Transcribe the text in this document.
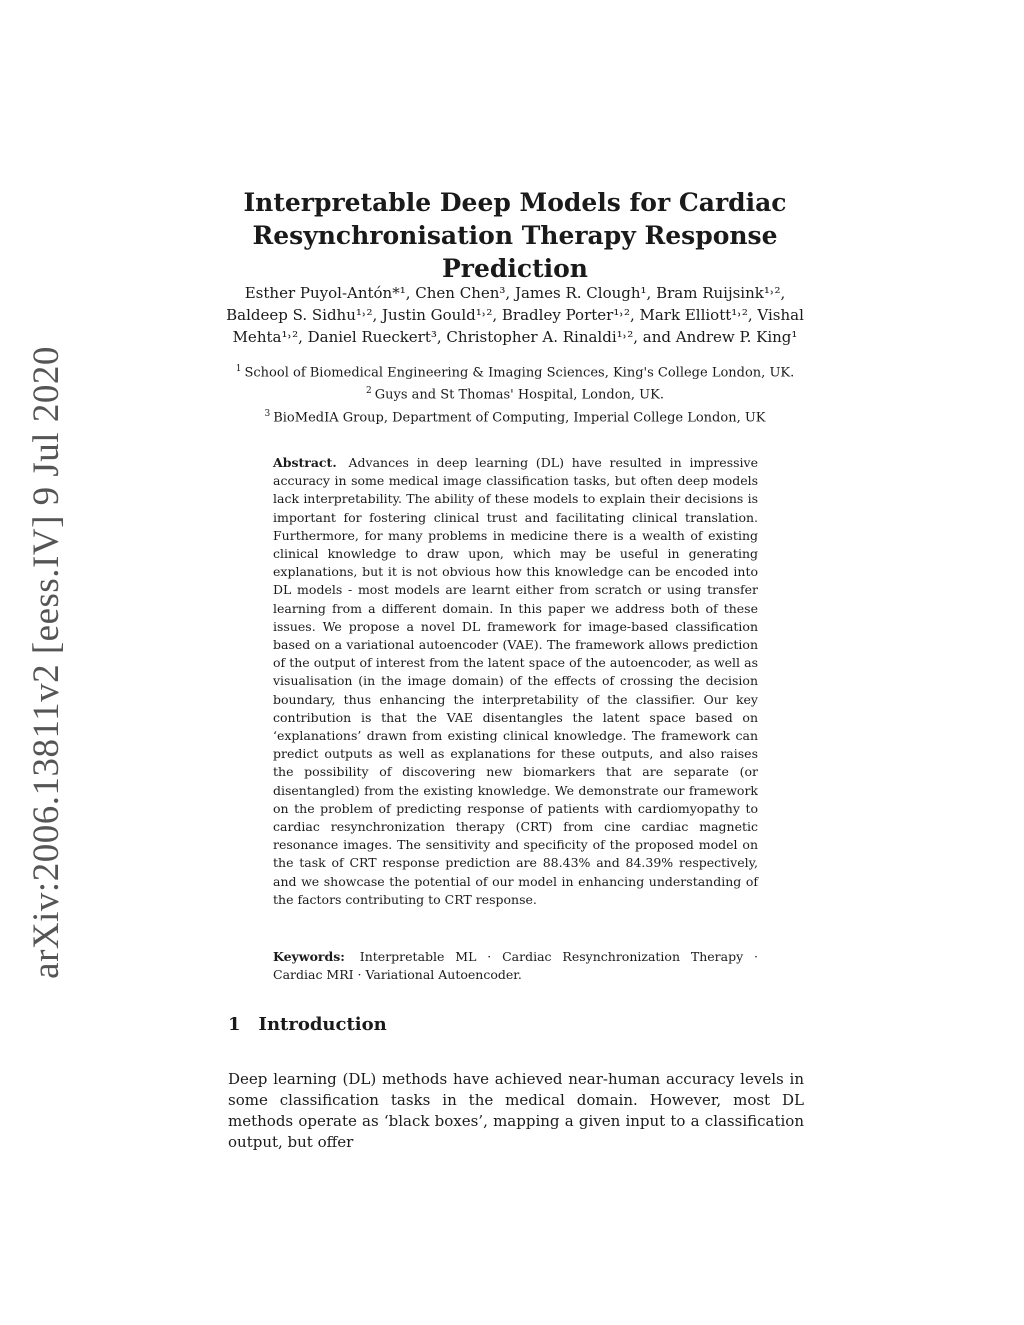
arXiv:2006.13811v2 [eess.IV] 9 Jul 2020
Interpretable Deep Models for Cardiac
Resynchronisation Therapy Response Prediction
Esther Puyol-Antón*¹, Chen Chen³, James R. Clough¹, Bram Ruijsink¹˒²,
Baldeep S. Sidhu¹˒², Justin Gould¹˒², Bradley Porter¹˒², Mark Elliott¹˒², Vishal
Mehta¹˒², Daniel Rueckert³, Christopher A. Rinaldi¹˒², and Andrew P. King¹
$^1$ School of Biomedical Engineering & Imaging Sciences, King's College London, UK.
$^2$ Guys and St Thomas' Hospital, London, UK.
$^3$ BioMedIA Group, Department of Computing, Imperial College London, UK
Abstract. Advances in deep learning (DL) have resulted in impressive accuracy in some medical image classification tasks, but often deep models lack interpretability. The ability of these models to explain their decisions is important for fostering clinical trust and facilitating clinical translation. Furthermore, for many problems in medicine there is a wealth of existing clinical knowledge to draw upon, which may be useful in generating explanations, but it is not obvious how this knowledge can be encoded into DL models - most models are learnt either from scratch or using transfer learning from a different domain. In this paper we address both of these issues. We propose a novel DL framework for image-based classification based on a variational autoencoder (VAE). The framework allows prediction of the output of interest from the latent space of the autoencoder, as well as visualisation (in the image domain) of the effects of crossing the decision boundary, thus enhancing the interpretability of the classifier. Our key contribution is that the VAE disentangles the latent space based on ‘explanations’ drawn from existing clinical knowledge. The framework can predict outputs as well as explanations for these outputs, and also raises the possibility of discovering new biomarkers that are separate (or disentangled) from the existing knowledge. We demonstrate our framework on the problem of predicting response of patients with cardiomyopathy to cardiac resynchronization therapy (CRT) from cine cardiac magnetic resonance images. The sensitivity and specificity of the proposed model on the task of CRT response prediction are 88.43% and 84.39% respectively, and we showcase the potential of our model in enhancing understanding of the factors contributing to CRT response.
Keywords: Interpretable ML · Cardiac Resynchronization Therapy · Cardiac MRI · Variational Autoencoder.
1 Introduction

Deep learning (DL) methods have achieved near-human accuracy levels in some classification tasks in the medical domain. However, most DL methods operate as ‘black boxes’, mapping a given input to a classification output, but offer
